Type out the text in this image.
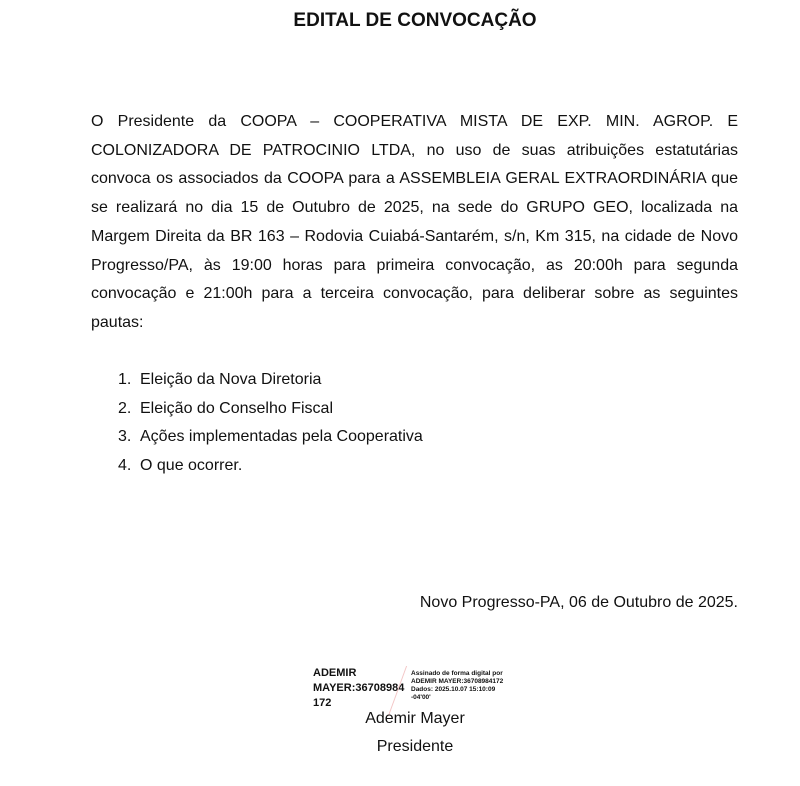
EDITAL DE CONVOCAÇÃO

O Presidente da COOPA – COOPERATIVA MISTA DE EXP. MIN. AGROP. E COLONIZADORA DE PATROCINIO LTDA, no uso de suas atribuições estatutárias convoca os associados da COOPA para a ASSEMBLEIA GERAL EXTRAORDINÁRIA que se realizará no dia 15 de Outubro de 2025, na sede do GRUPO GEO, localizada na Margem Direita da BR 163 – Rodovia Cuiabá-Santarém, s/n, Km 315, na cidade de Novo Progresso/PA, às 19:00 horas para primeira convocação, as 20:00h para segunda convocação e 21:00h para a terceira convocação, para deliberar sobre as seguintes pautas:

1. Eleição da Nova Diretoria
2. Eleição do Conselho Fiscal
3. Ações implementadas pela Cooperativa
4. O que ocorrer.
Novo Progresso-PA, 06 de Outubro de 2025.
ADEMIR MAYER:36708984172
Assinado de forma digital por
ADEMIR MAYER:36708984172
Dados: 2025.10.07 15:10:09
-04'00'
Ademir Mayer
Presidente
